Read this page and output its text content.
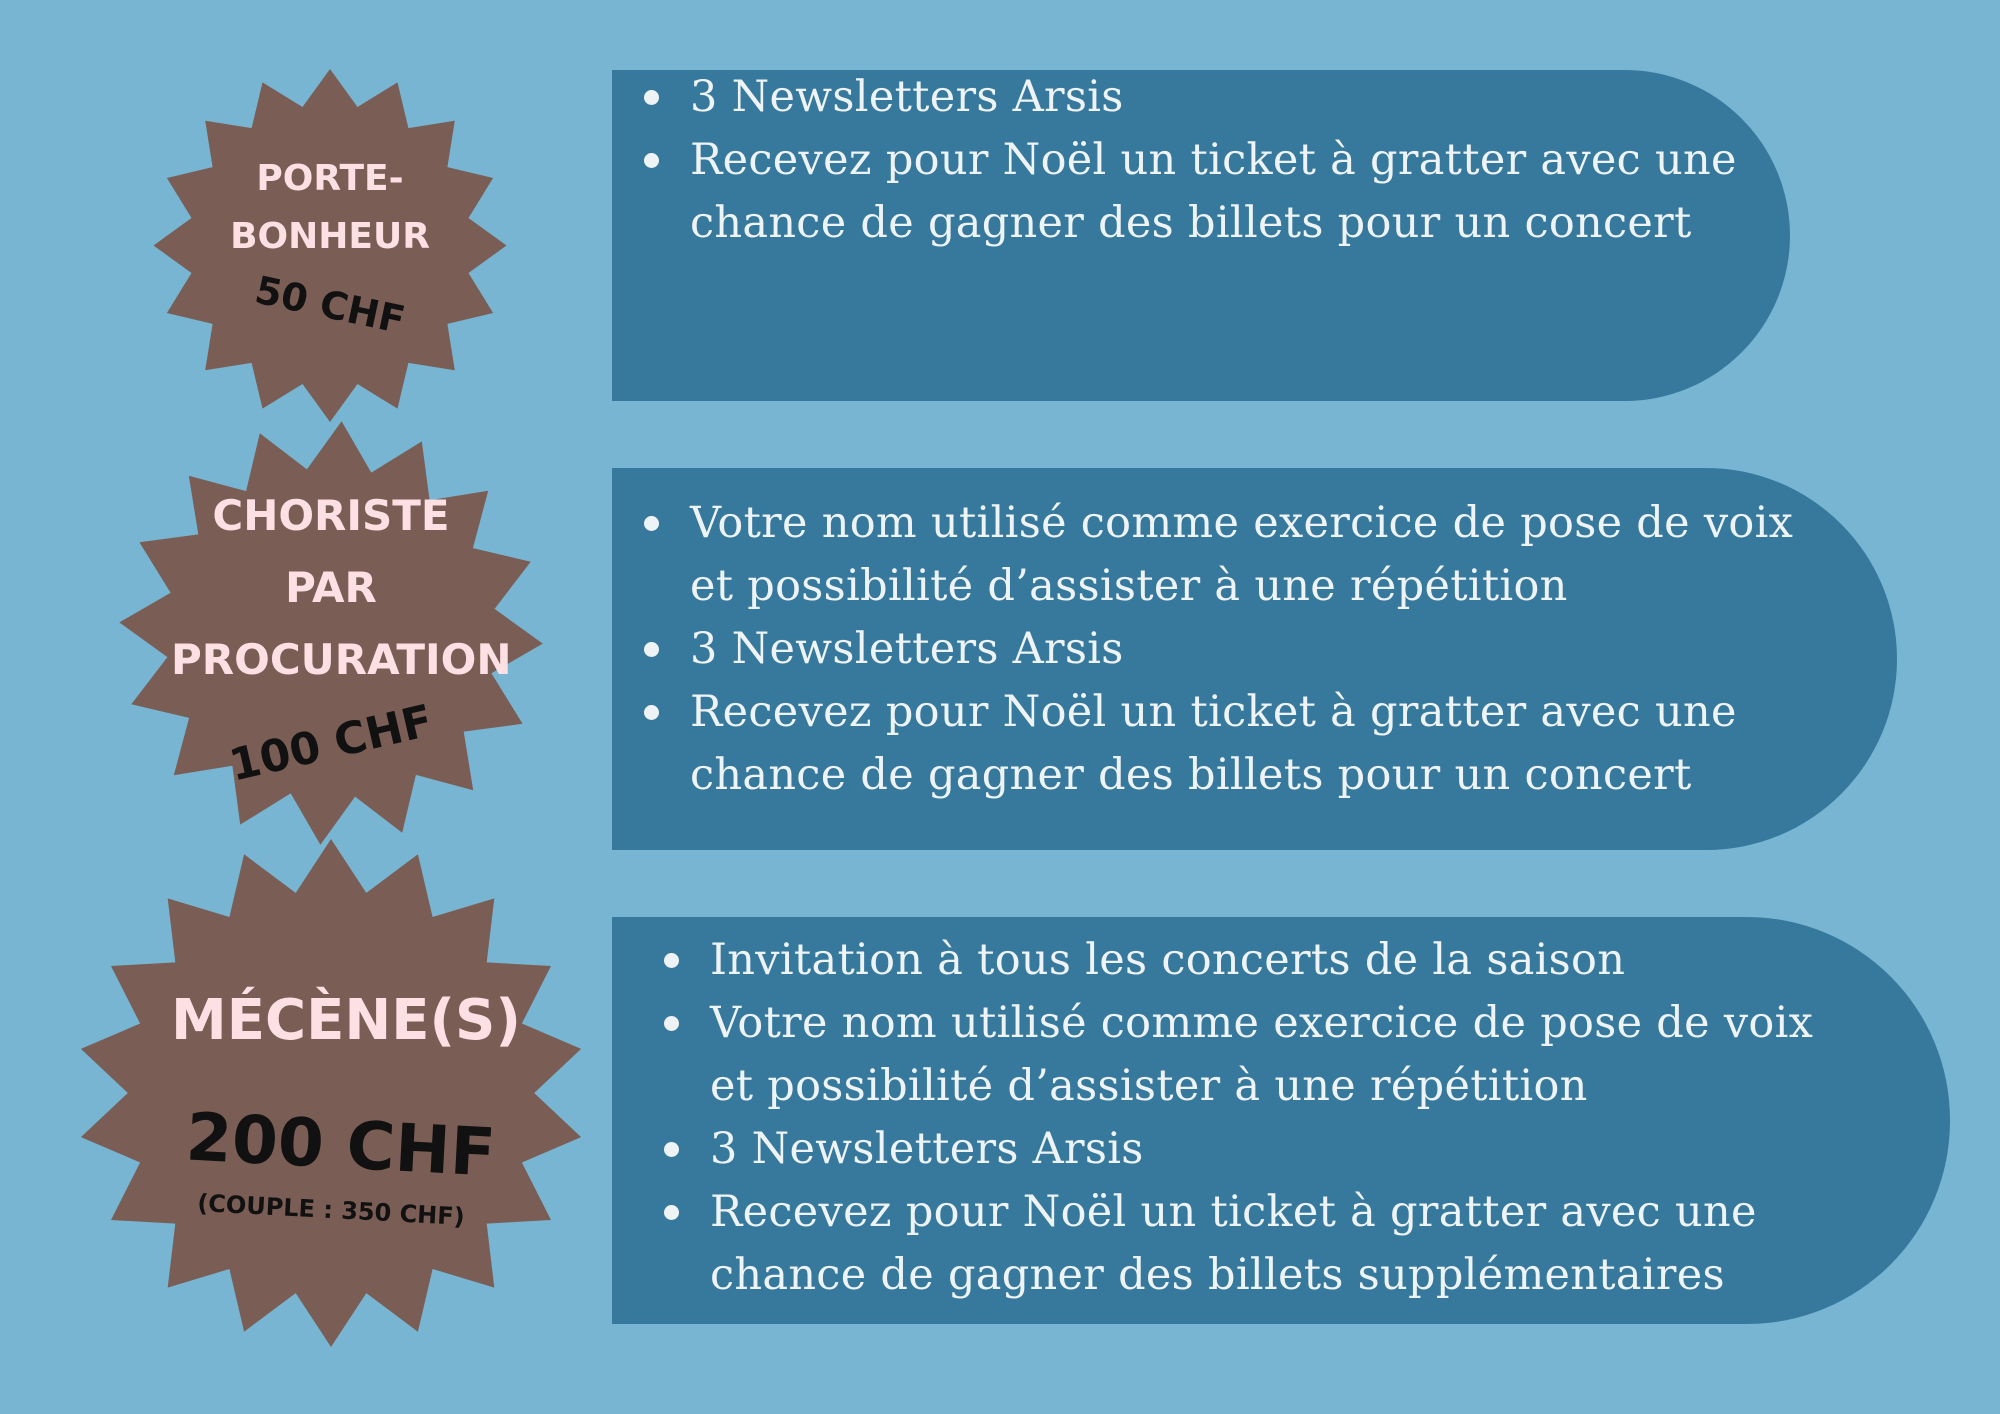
PORTE-
BONHEUR
50 CHF
CHORISTE
PAR
PROCURATION
100 CHF
MÉCÈNE(S)
200 CHF
(COUPLE : 350 CHF)
3 Newsletters Arsis
Recevez pour Noël un ticket à gratter avec une
chance de gagner des billets pour un concert
Votre nom utilisé comme exercice de pose de voix
et possibilité d’assister à une répétition
3 Newsletters Arsis
Recevez pour Noël un ticket à gratter avec une
chance de gagner des billets pour un concert
Invitation à tous les concerts de la saison
Votre nom utilisé comme exercice de pose de voix
et possibilité d’assister à une répétition
3 Newsletters Arsis
Recevez pour Noël un ticket à gratter avec une
chance de gagner des billets supplémentaires
